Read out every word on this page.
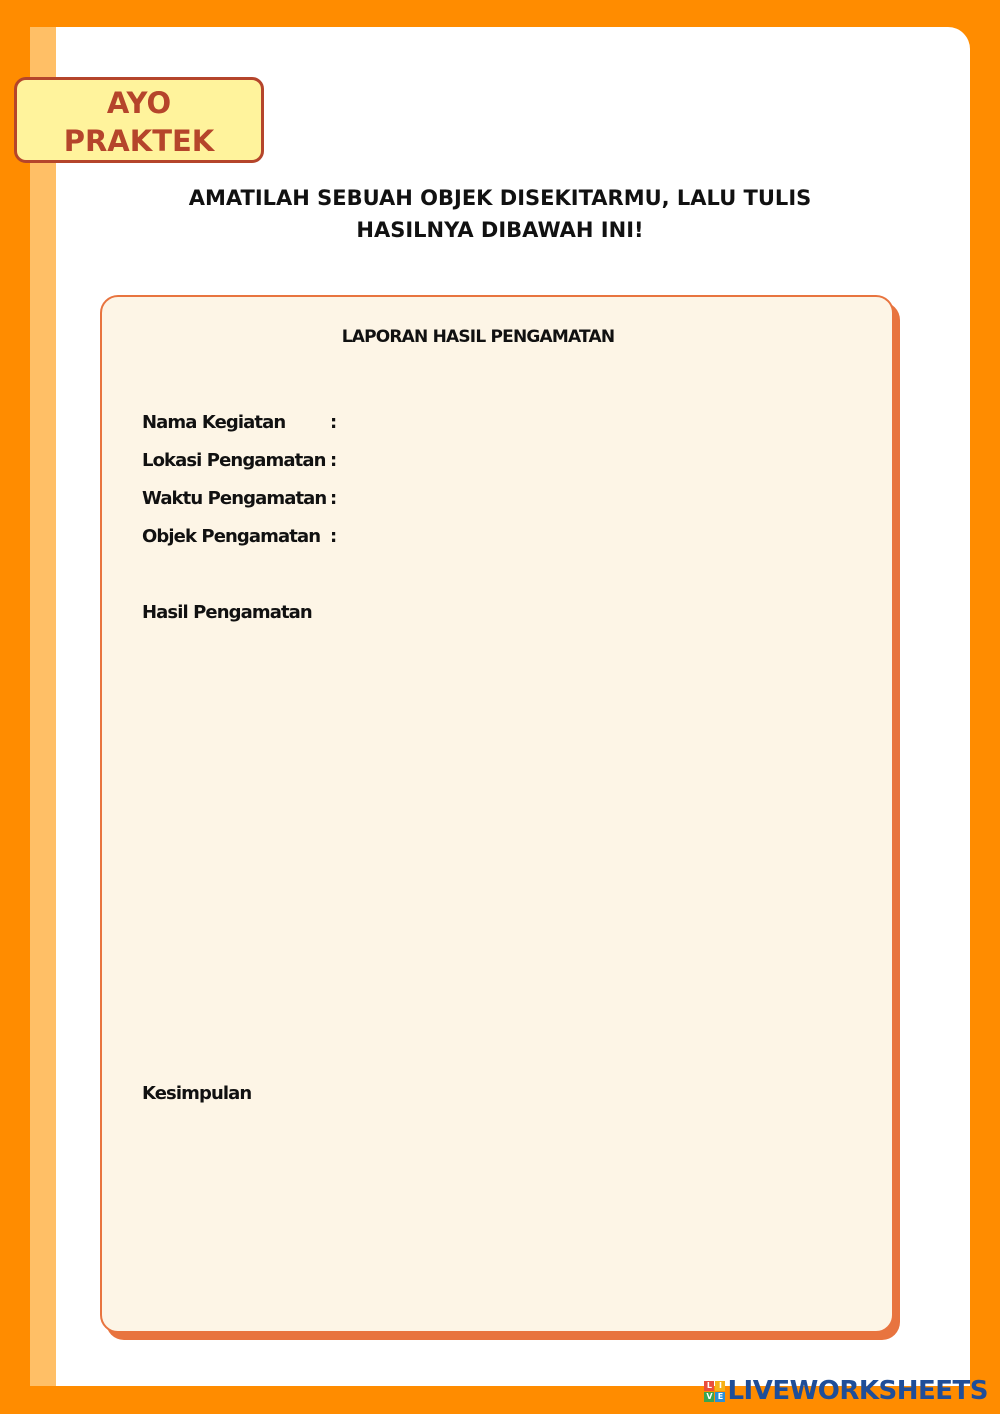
AYO
PRAKTEK
AMATILAH SEBUAH OBJEK DISEKITARMU, LALU TULIS
HASILNYA DIBAWAH INI!
LAPORAN HASIL PENGAMATAN
Nama Kegiatan :
Lokasi Pengamatan :
Waktu Pengamatan :
Objek Pengamatan :
Hasil Pengamatan
Kesimpulan
L I
V E LIVEWORKSHEETS
